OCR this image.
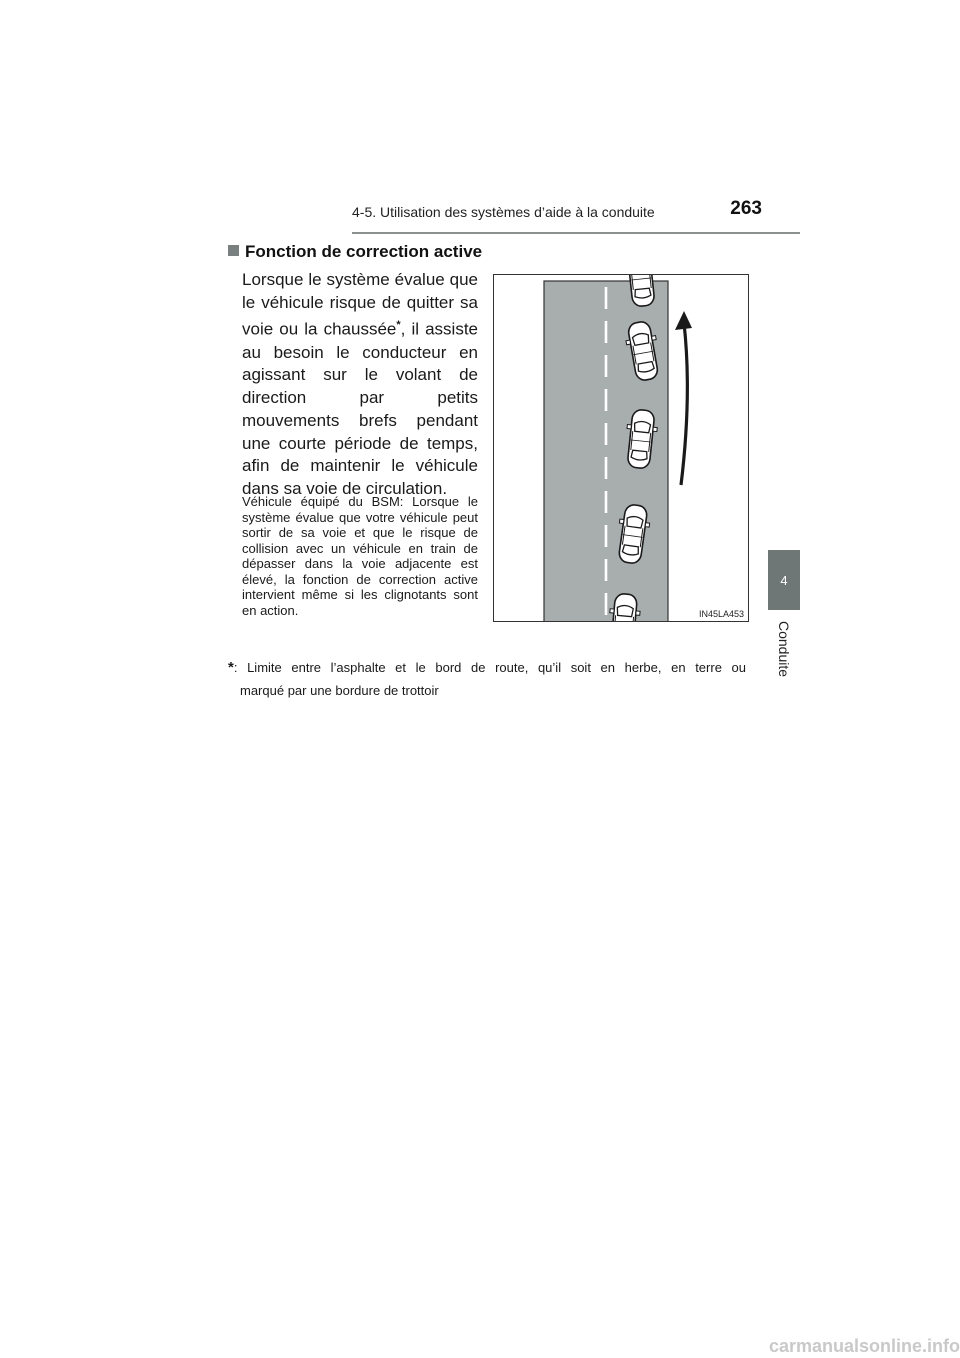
4-5. Utilisation des systèmes d’aide à la conduite	263
4
Conduite
Fonction de correction active

Lorsque le système évalue que le véhicule risque de quitter sa voie ou la chaussée*, il assiste au besoin le conducteur en agissant sur le volant de direction par petits mouvements brefs pendant une courte période de temps, afin de maintenir le véhicule dans sa voie de circulation.

Véhicule équipé du BSM: Lorsque le système évalue que votre véhicule peut sortir de sa voie et que le risque de collision avec un véhicule en train de dépasser dans la voie adjacente est élevé, la fonction de correction active intervient même si les clignotants sont en action.	IN45LA453
*: Limite entre l’asphalte et le bord de route, qu’il soit en herbe, en terre ou
marqué par une bordure de trottoir
carmanualsonline.info
